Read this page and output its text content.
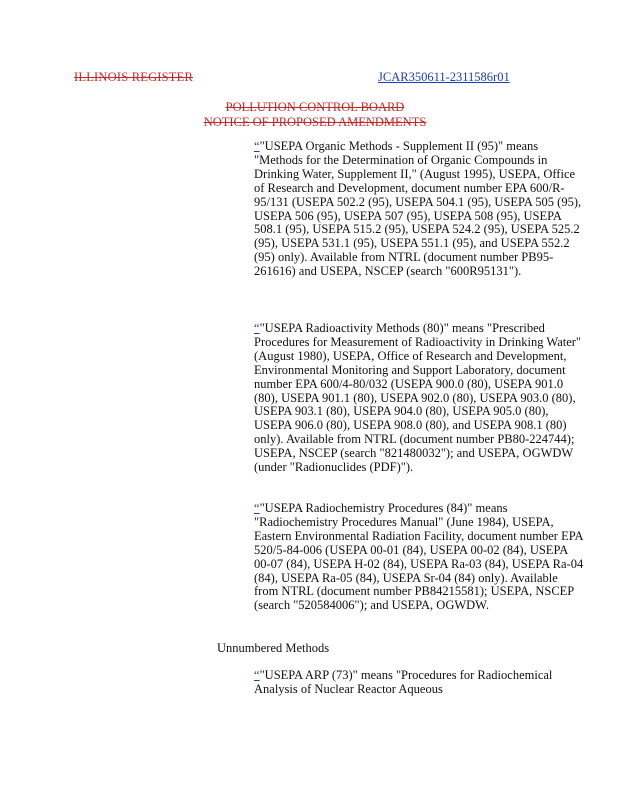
ILLINOIS REGISTER	JCAR350611-2311586r01
POLLUTION CONTROL BOARD
NOTICE OF PROPOSED AMENDMENTS

“"USEPA Organic Methods - Supplement II (95)" means "Methods for the Determination of Organic Compounds in Drinking Water, Supplement II," (August 1995), USEPA, Office of Research and Development, document number EPA 600/R-95/131 (USEPA 502.2 (95), USEPA 504.1 (95), USEPA 505 (95), USEPA 506 (95), USEPA 507 (95), USEPA 508 (95), USEPA 508.1 (95), USEPA 515.2 (95), USEPA 524.2 (95), USEPA 525.2 (95), USEPA 531.1 (95), USEPA 551.1 (95), and USEPA 552.2 (95) only). Available from NTRL (document number PB95-261616) and USEPA, NSCEP (search "600R95131").

“"USEPA Radioactivity Methods (80)" means "Prescribed Procedures for Measurement of Radioactivity in Drinking Water" (August 1980), USEPA, Office of Research and Development, Environmental Monitoring and Support Laboratory, document number EPA 600/4-80/032 (USEPA 900.0 (80), USEPA 901.0 (80), USEPA 901.1 (80), USEPA 902.0 (80), USEPA 903.0 (80), USEPA 903.1 (80), USEPA 904.0 (80), USEPA 905.0 (80), USEPA 906.0 (80), USEPA 908.0 (80), and USEPA 908.1 (80) only). Available from NTRL (document number PB80-224744); USEPA, NSCEP (search "821480032"); and USEPA, OGWDW (under "Radionuclides (PDF)").

“"USEPA Radiochemistry Procedures (84)" means "Radiochemistry Procedures Manual" (June 1984), USEPA, Eastern Environmental Radiation Facility, document number EPA 520/5-84-006 (USEPA 00-01 (84), USEPA 00-02 (84), USEPA 00-07 (84), USEPA H-02 (84), USEPA Ra-03 (84), USEPA Ra-04 (84), USEPA Ra-05 (84), USEPA Sr-04 (84) only). Available from NTRL (document number PB84215581); USEPA, NSCEP (search "520584006"); and USEPA, OGWDW.

Unnumbered Methods

“"USEPA ARP (73)" means "Procedures for Radiochemical Analysis of Nuclear Reactor Aqueous
